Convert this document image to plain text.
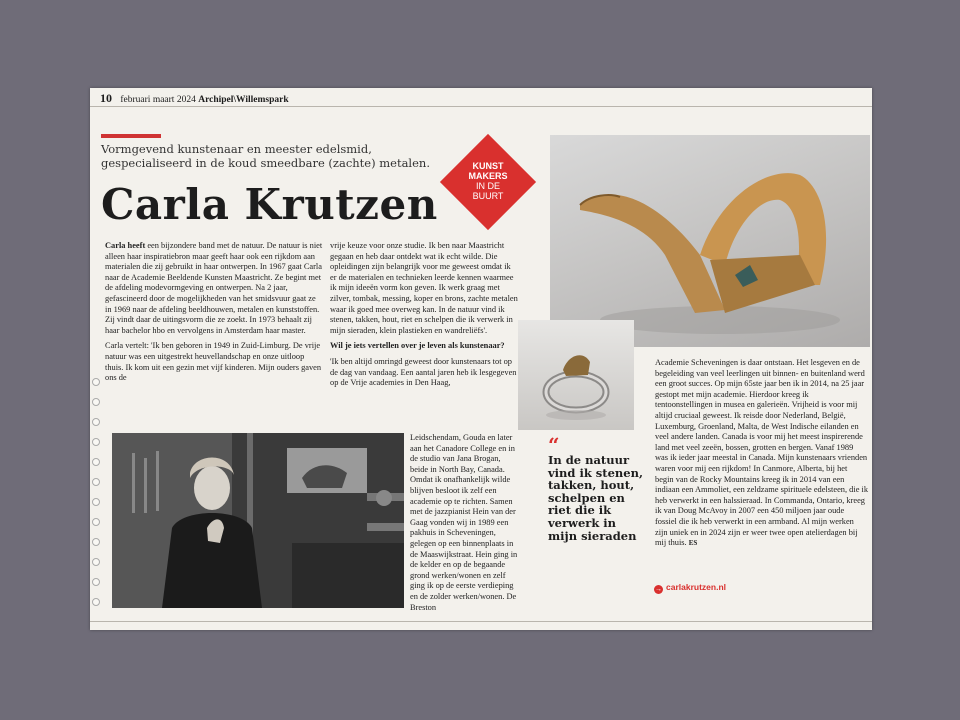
10 februari maart 2024 Archipel\Willemspark
Vormgevend kunstenaar en meester edelsmid, gespecialiseerd in de koud smeedbare (zachte) metalen.	KUNST
MAKERS
IN DE
BUURT
Carla Krutzen

Carla heeft een bijzondere band met de natuur. De natuur is niet alleen haar inspiratiebron maar geeft haar ook een rijkdom aan materialen die zij gebruikt in haar ontwerpen. In 1967 gaat Carla naar de Academie Beeldende Kunsten Maastricht. Ze begint met de afdeling modevormgeving en ontwerpen. Na 2 jaar, gefascineerd door de mogelijkheden van het smidsvuur gaat ze in 1969 naar de afdeling beeldhouwen, metalen en kunststoffen. Zij vindt daar de uitingsvorm die ze zoekt. In 1973 behaalt zij haar bachelor hbo en vervolgens in Amsterdam haar master.

Carla vertelt: 'Ik ben geboren in 1949 in Zuid-Limburg. De vrije natuur was een uitgestrekt heuvellandschap en onze uitloop thuis. Ik kom uit een gezin met vijf kinderen. Mijn ouders gaven ons de

vrije keuze voor onze studie. Ik ben naar Maastricht gegaan en heb daar ontdekt wat ik echt wilde. Die opleidingen zijn belangrijk voor me geweest omdat ik er de materialen en technieken leerde kennen waarmee ik mijn ideeën vorm kon geven. Ik werk graag met zilver, tombak, messing, koper en brons, zachte metalen waar ik goed mee overweg kan. In de natuur vind ik stenen, takken, hout, riet en schelpen die ik verwerk in mijn sieraden, klein plastieken en wandreliëfs'.

Wil je iets vertellen over je leven als kunstenaar?

'Ik ben altijd omringd geweest door kunstenaars tot op de dag van vandaag. Een aantal jaren heb ik lesgegeven op de Vrije academies in Den Haag,

Leidschendam, Gouda en later aan het Canadore College en in de studio van Jana Brogan, beide in North Bay, Canada. Omdat ik onafhankelijk wilde blijven besloot ik zelf een academie op te richten. Samen met de jazzpianist Hein van der Gaag vonden wij in 1989 een pakhuis in Scheveningen, gelegen op een binnenplaats in de Maaswijkstraat. Hein ging in de kelder en op de begaande grond werken/wonen en zelf ging ik op de eerste verdieping en de zolder werken/wonen. De Breston

“
In de natuur vind ik stenen, takken, hout, schelpen en riet die ik verwerk in mijn sieraden

Academie Scheveningen is daar ontstaan. Het lesgeven en de begeleiding van veel leerlingen uit binnen- en buitenland werd een groot succes. Op mijn 65ste jaar ben ik in 2014, na 25 jaar gestopt met mijn academie. Hierdoor kreeg ik tentoonstellingen in musea en galerieën. Vrijheid is voor mij altijd cruciaal geweest. Ik reisde door Nederland, België, Luxemburg, Groenland, Malta, de West Indische eilanden en veel andere landen. Canada is voor mij het meest inspirerende land met veel zeeën, bossen, grotten en bergen. Vanaf 1989 was ik ieder jaar meestal in Canada. Mijn kunstenaars vrienden waren voor mij een rijkdom! In Canmore, Alberta, bij het begin van de Rocky Mountains kreeg ik in 2014 van een indiaan een Ammoliet, een zeldzame spirituele edelsteen, die ik heb verwerkt in een halssieraad. In Commanda, Ontario, kreeg ik van Doug McAvoy in 2007 een 450 miljoen jaar oude fossiel die ik heb verwerkt in een armband. Al mijn werken zijn uniek en in 2024 zijn er weer twee open atelierdagen bij mij thuis. ES

→ carlakrutzen.nl
